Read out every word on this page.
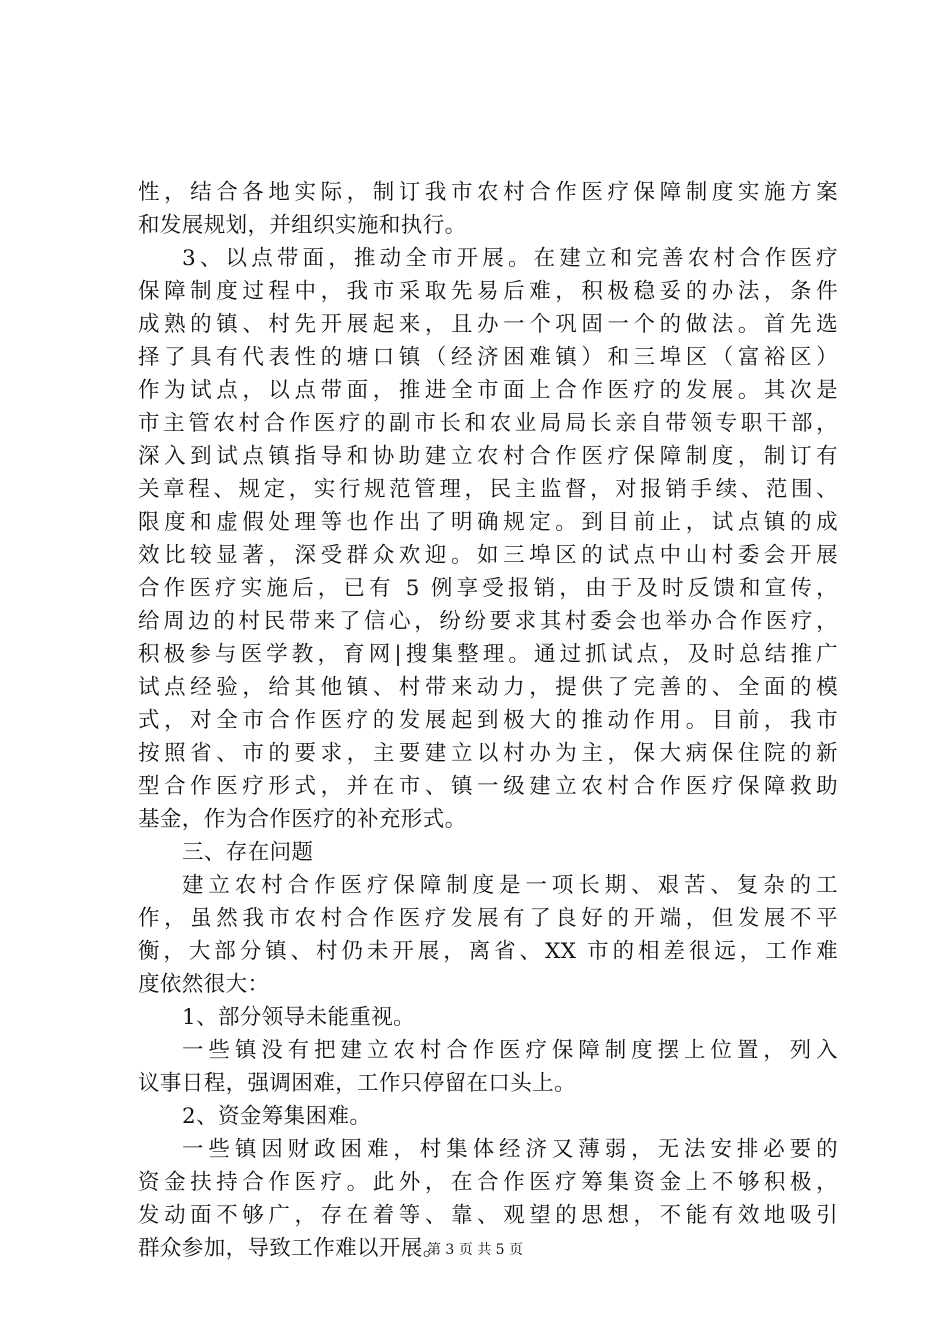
性，结合各地实际，制订我市农村合作医疗保障制度实施方案
和发展规划，并组织实施和执行。
3、以点带面，推动全市开展。在建立和完善农村合作医疗
保障制度过程中，我市采取先易后难，积极稳妥的办法，条件
成熟的镇、村先开展起来，且办一个巩固一个的做法。首先选
择了具有代表性的塘口镇（经济困难镇）和三埠区（富裕区）
作为试点，以点带面，推进全市面上合作医疗的发展。其次是
市主管农村合作医疗的副市长和农业局局长亲自带领专职干部，
深入到试点镇指导和协助建立农村合作医疗保障制度，制订有
关章程、规定，实行规范管理，民主监督，对报销手续、范围、
限度和虚假处理等也作出了明确规定。到目前止，试点镇的成
效比较显著，深受群众欢迎。如三埠区的试点中山村委会开展
合作医疗实施后，已有 5 例享受报销，由于及时反馈和宣传，
给周边的村民带来了信心，纷纷要求其村委会也举办合作医疗，
积极参与医学教，育网|搜集整理。通过抓试点，及时总结推广
试点经验，给其他镇、村带来动力，提供了完善的、全面的模
式，对全市合作医疗的发展起到极大的推动作用。目前，我市
按照省、市的要求，主要建立以村办为主，保大病保住院的新
型合作医疗形式，并在市、镇一级建立农村合作医疗保障救助
基金，作为合作医疗的补充形式。
三、存在问题
建立农村合作医疗保障制度是一项长期、艰苦、复杂的工
作，虽然我市农村合作医疗发展有了良好的开端，但发展不平
衡，大部分镇、村仍未开展，离省、XX 市的相差很远，工作难
度依然很大：
1、部分领导未能重视。
一些镇没有把建立农村合作医疗保障制度摆上位置，列入
议事日程，强调困难，工作只停留在口头上。
2、资金筹集困难。
一些镇因财政困难，村集体经济又薄弱，无法安排必要的
资金扶持合作医疗。此外，在合作医疗筹集资金上不够积极，
发动面不够广，存在着等、靠、观望的思想，不能有效地吸引
群众参加，导致工作难以开展。
第 3 页 共 5 页
